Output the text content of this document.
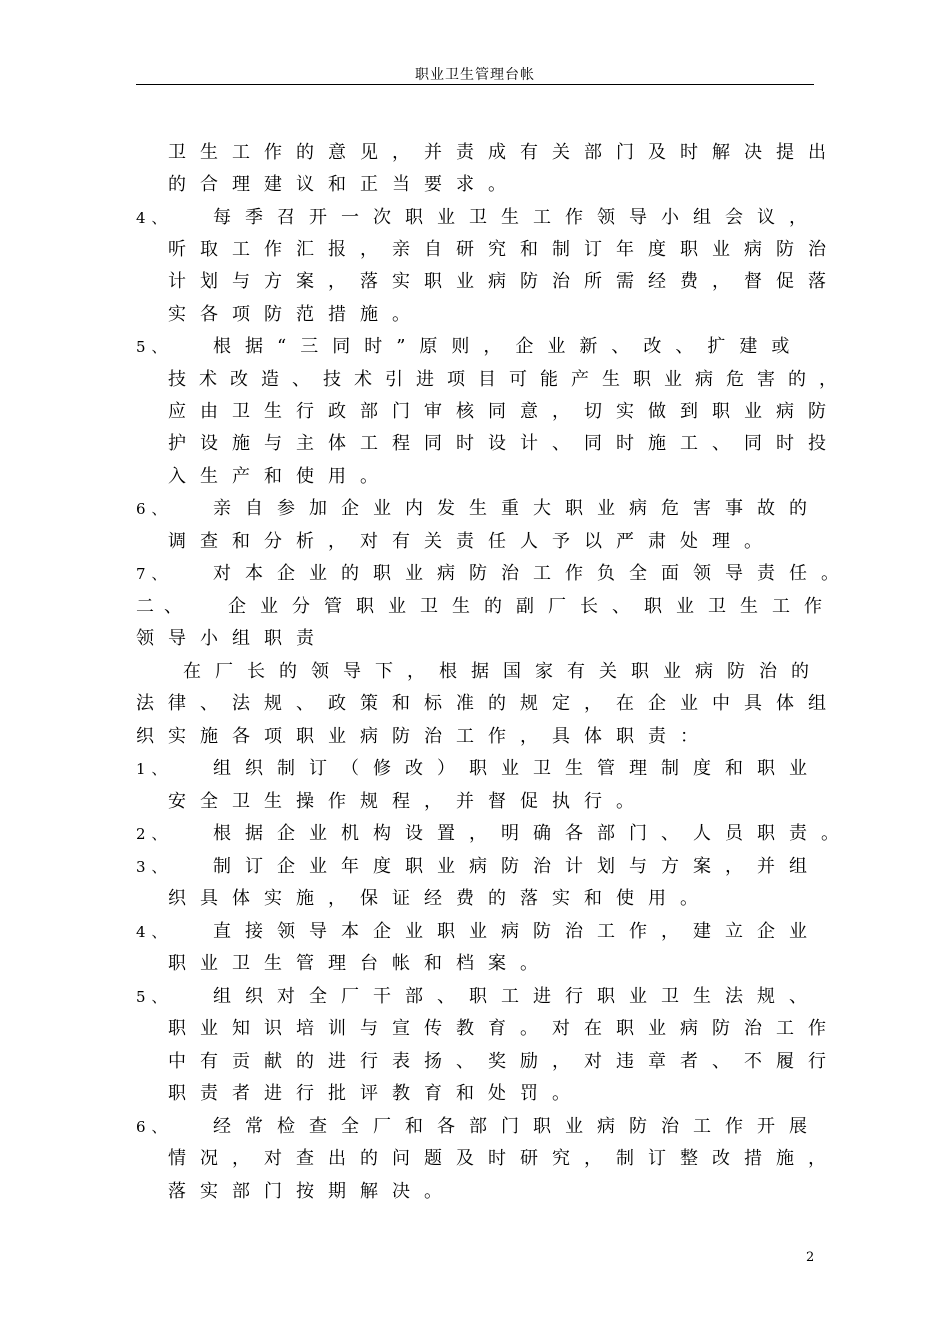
职业卫生管理台帐
卫生工作的意见，并责成有关部门及时解决提出
的合理建议和正当要求。
4、 每季召开一次职业卫生工作领导小组会议，
听取工作汇报，亲自研究和制订年度职业病防治
计划与方案，落实职业病防治所需经费，督促落
实各项防范措施。
5、 根据“三同时”原则，企业新、改、扩建或
技术改造、技术引进项目可能产生职业病危害的，
应由卫生行政部门审核同意，切实做到职业病防
护设施与主体工程同时设计、同时施工、同时投
入生产和使用。
6、 亲自参加企业内发生重大职业病危害事故的
调查和分析，对有关责任人予以严肃处理。
7、 对本企业的职业病防治工作负全面领导责任。
二、 企业分管职业卫生的副厂长、职业卫生工作
领导小组职责
在厂长的领导下，根据国家有关职业病防治的
法律、法规、政策和标准的规定，在企业中具体组
织实施各项职业病防治工作，具体职责：
1、 组织制订（修改）职业卫生管理制度和职业
安全卫生操作规程，并督促执行。
2、 根据企业机构设置，明确各部门、人员职责。
3、 制订企业年度职业病防治计划与方案，并组
织具体实施，保证经费的落实和使用。
4、 直接领导本企业职业病防治工作，建立企业
职业卫生管理台帐和档案。
5、 组织对全厂干部、职工进行职业卫生法规、
职业知识培训与宣传教育。对在职业病防治工作
中有贡献的进行表扬、奖励，对违章者、不履行
职责者进行批评教育和处罚。
6、 经常检查全厂和各部门职业病防治工作开展
情况，对查出的问题及时研究，制订整改措施，
落实部门按期解决。
2
